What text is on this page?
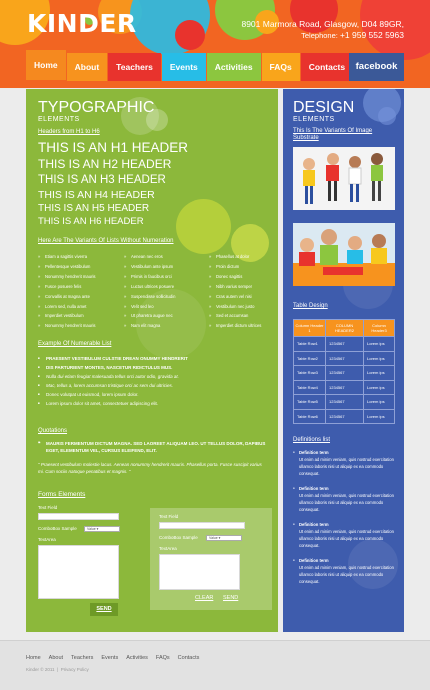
KINDER	8901 Marmora Road, Glasgow, D04 89GR,
Telephone: +1 959 552 5963
Home	About	Teachers	Events	Activities	FAQs	Contacts	facebook
TYPOGRAPHIC
ELEMENTS
Headers from H1 to H6
THIS IS AN H1 HEADER
THIS IS AN H2 HEADER
THIS IS AN H3 HEADER
THIS IS AN H4 HEADER
THIS IS AN H5 HEADER
THIS IS AN H6 HEADER
Here Are The Variants Of Lists Without Numeration
» Etiam a sagittis viverra
» Pellentesque vestibulum
» Nonummy hendrerit mauris
» Fusce posuere felis
» Convallis at magna ante
» Lorem sed, nulla amet
» Imperdiet vestibulum
» Nonummy hendrerit mauris
» Aenean nec eros
» Vestibulum ante ipsum
» Primis in faucibus orci
» Luctus ultrices posuere
» Suspendisse sollicitudin
» Velit sed leo
» Ut pharetra augue nec
» Nam elit magna
» Phasellus at dolor
» Proin dictum
» Donec sagittis
» Nibh varius semper
» Cras autem vel nisi
» Vestibulum nec justo
» Sed et accumsan
» Imperdiet dictum ultrices
Example Of Numerable List
■ PRAESENT VESTIBULUM CULSTIE DREAN ONUMMY HENDRERIT
■ DIS PARTURIENT MONTES, NASCETUR RIDICTULUS MUS.
■ Nulla dui etiam feugiat malesuada tellus orci autor odio, gravida at.
■ Mac, tellus a, lorem accumsan tristique orci ac sem dui ultricies.
■ Donec volutpat ut euismod, lorem ipsum dolor.
■ Lorem ipsum dolor sit amet, consectetuer adipiscing elit.
Quotations
❝ MAURIS FERMENTUM DICTUM MAGNA. SED LAOREET ALIQUAM LEO. UT TELLUS DOLOR, DAPIBUS EGET, ELEMENTUM VEL, CURSUS ELEIFEND, ELIT.
" Praesent vestibulum molestie lacus. Aenean nonummy hendrerit mauris. Phasellus porta. Fusce suscipit varius mi. Cum sociis natoque penatibus et magnis. "
Forms Elements
Text Field
ComboBox Sample	Value ▾
TextArea
SEND
Text Field
ComboBox Sample	Value ▾
TextArea
CLEAR SEND
DESIGN
ELEMENTS
This Is The Variants Of Image Substrate
Table Design
Column Header 1	COLUMN HEADER2	Column Header3
Table Row1	1234567	Lorem ips
Table Row2	1234567	Lorem ips
Table Row3	1234567	Lorem ips
Table Row4	1234567	Lorem ips
Table Row5	1234567	Lorem ips
Table Row6	1234567	Lorem ips
Definitions list
● Definition term
Ut enim ad minim veniam, quis nostrud exercitation ullamco laboris nisi ut aliquip ex ea commodo consequat.
● Definition term
Ut enim ad minim veniam, quis nostrud exercitation ullamco laboris nisi ut aliquip ex ea commodo consequat.
● Definition term
Ut enim ad minim veniam, quis nostrud exercitation ullamco laboris nisi ut aliquip ex ea commodo consequat.
● Definition term
Ut enim ad minim veniam, quis nostrud exercitation ullamco laboris nisi ut aliquip ex ea commodo consequat.
Home About Teachers Events Activities FAQs Contacts
Kinder © 2011  |  Privacy Policy
